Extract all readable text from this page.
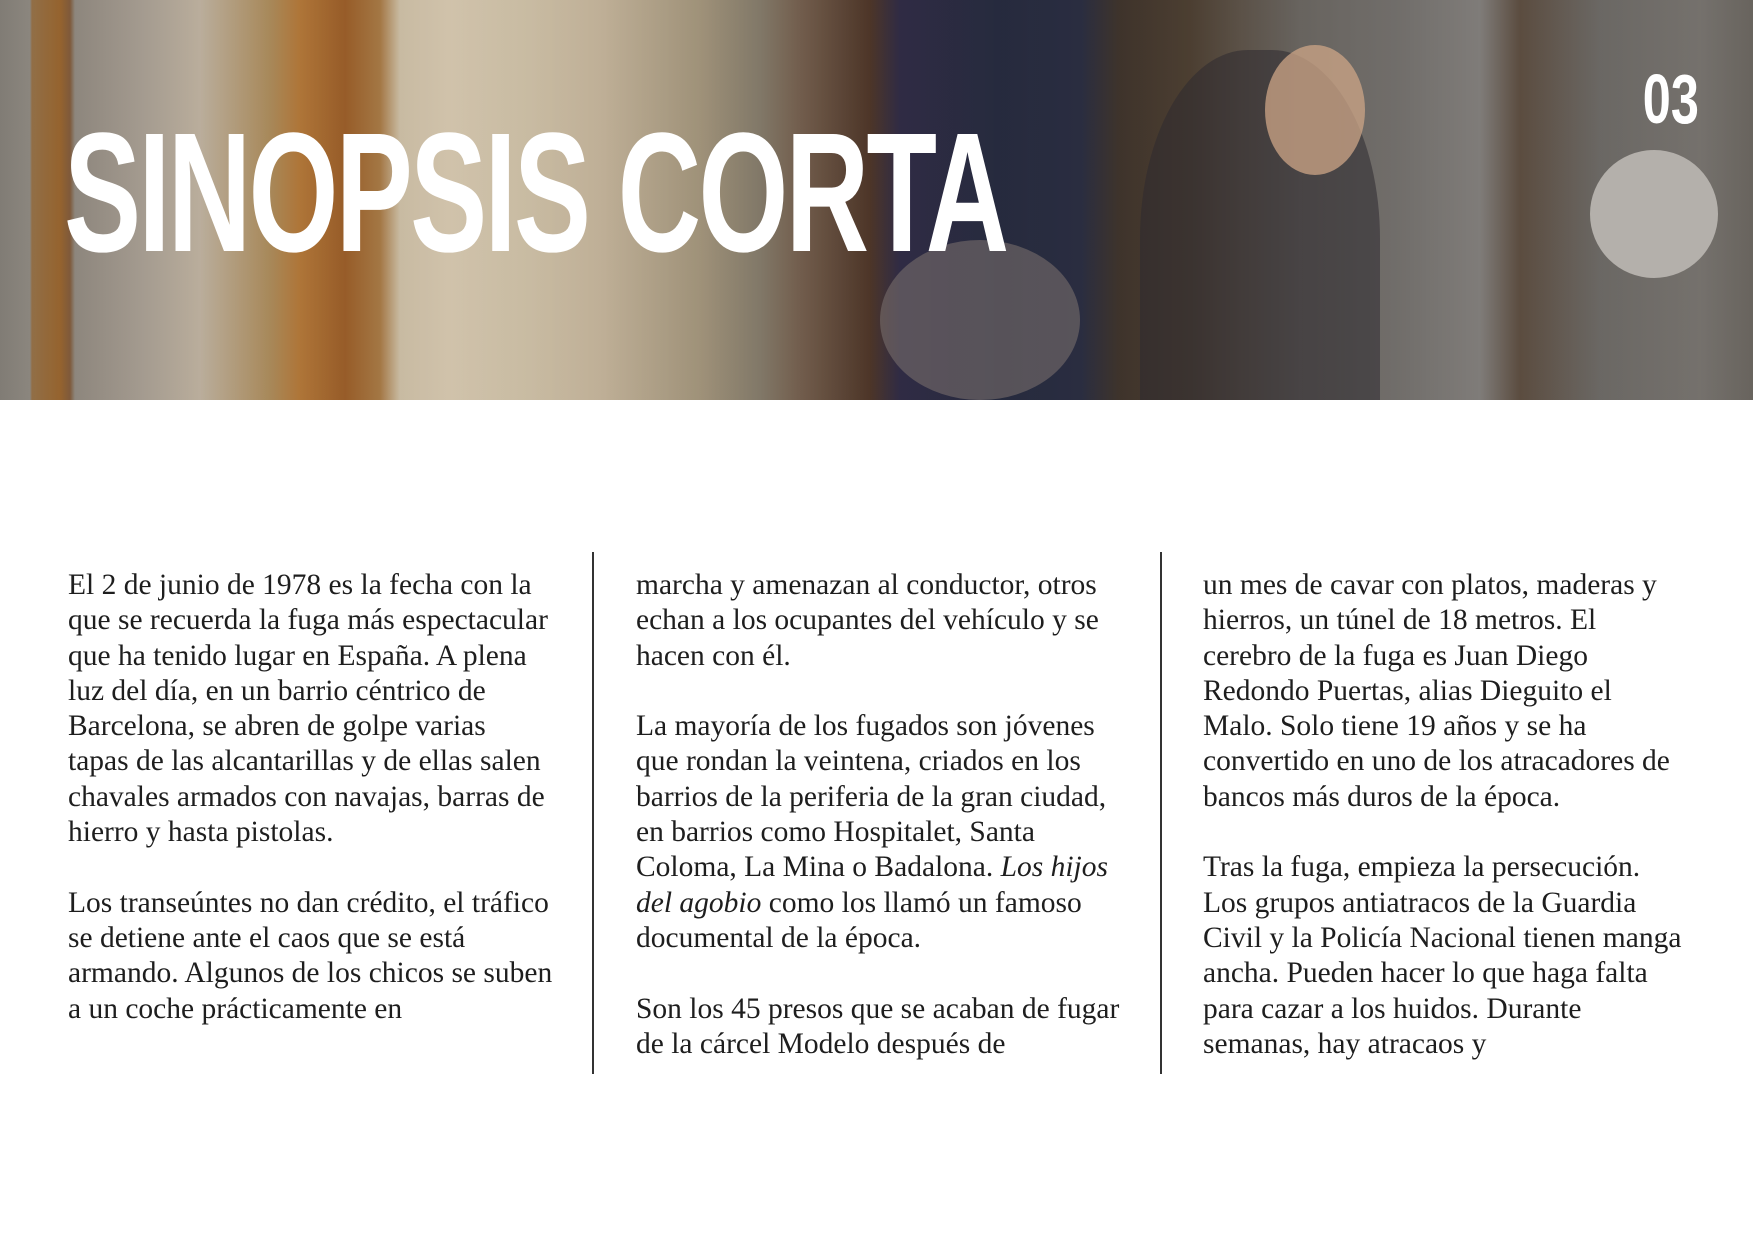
SINOPSIS CORTA	03

El 2 de junio de 1978 es la fecha con la que se recuerda la fuga más espectacular que ha tenido lugar en España. A plena luz del día, en un barrio céntrico de Barcelona, se abren de golpe varias tapas de las alcantarillas y de ellas salen chavales armados con navajas, barras de hierro y hasta pistolas.

Los transeúntes no dan crédito, el tráfico se detiene ante el caos que se está armando. Algunos de los chicos se suben a un coche prácticamente en

marcha y amenazan al conductor, otros echan a los ocupantes del vehículo y se hacen con él.

La mayoría de los fugados son jóvenes que rondan la veintena, criados en los barrios de la periferia de la gran ciudad, en barrios como Hospitalet, Santa Coloma, La Mina o Badalona. Los hijos del agobio como los llamó un famoso documental de la época.

Son los 45 presos que se acaban de fugar de la cárcel Modelo después de

un mes de cavar con platos, maderas y hierros, un túnel de 18 metros. El cerebro de la fuga es Juan Diego Redondo Puertas, alias Dieguito el Malo. Solo tiene 19 años y se ha convertido en uno de los atracadores de bancos más duros de la época.

Tras la fuga, empieza la persecución. Los grupos antiatracos de la Guardia Civil y la Policía Nacional tienen manga ancha. Pueden hacer lo que haga falta para cazar a los huidos. Durante semanas, hay atracaos y
